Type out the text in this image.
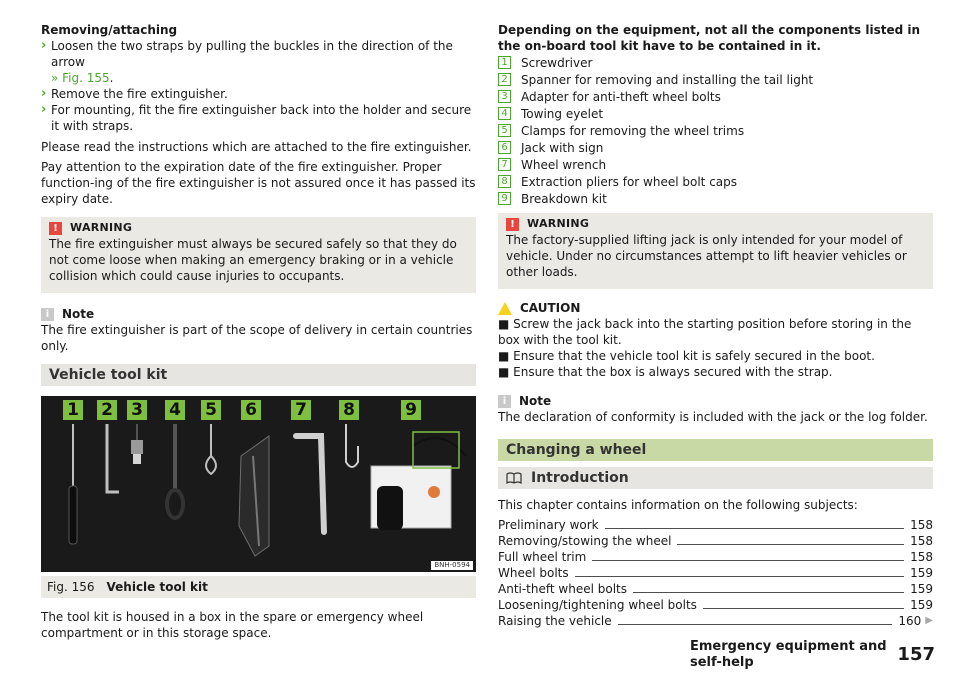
Removing/attaching

› Loosen the two straps by pulling the buckles in the direction of the arrow
» Fig. 155.
› Remove the fire extinguisher.
› For mounting, fit the fire extinguisher back into the holder and secure it with straps.

Please read the instructions which are attached to the fire extinguisher.

Pay attention to the expiration date of the fire extinguisher. Proper function-ing of the fire extinguisher is not assured once it has passed its expiry date.

!	WARNING

The fire extinguisher must always be secured safely so that they do not come loose when making an emergency braking or in a vehicle collision which could cause injuries to occupants.

i	Note

The fire extinguisher is part of the scope of delivery in certain countries only.

Vehicle tool kit
1 2 3 4 5 6 7 8	9
BNH-0594
Fig. 156 Vehicle tool kit

The tool kit is housed in a box in the spare or emergency wheel compartment or in this storage space.

Depending on the equipment, not all the components listed in the on-board tool kit have to be contained in it.

1 Screwdriver
2 Spanner for removing and installing the tail light
3 Adapter for anti-theft wheel bolts
4 Towing eyelet
5 Clamps for removing the wheel trims
6 Jack with sign
7 Wheel wrench
8 Extraction pliers for wheel bolt caps
9 Breakdown kit
!	WARNING

The factory-supplied lifting jack is only intended for your model of vehicle. Under no circumstances attempt to lift heavier vehicles or other loads.

CAUTION

■ Screw the jack back into the starting position before storing in the box with the tool kit.

■ Ensure that the vehicle tool kit is safely secured in the boot.

■ Ensure that the box is always secured with the strap.

i	Note

The declaration of conformity is included with the jack or the log folder.

Changing a wheel
Introduction

This chapter contains information on the following subjects:

Preliminary work	158
Removing/stowing the wheel	158
Full wheel trim	158
Wheel bolts	159
Anti-theft wheel bolts	159
Loosening/tightening wheel bolts	159
Raising the vehicle	160 ▶
Emergency equipment and self-help	157
